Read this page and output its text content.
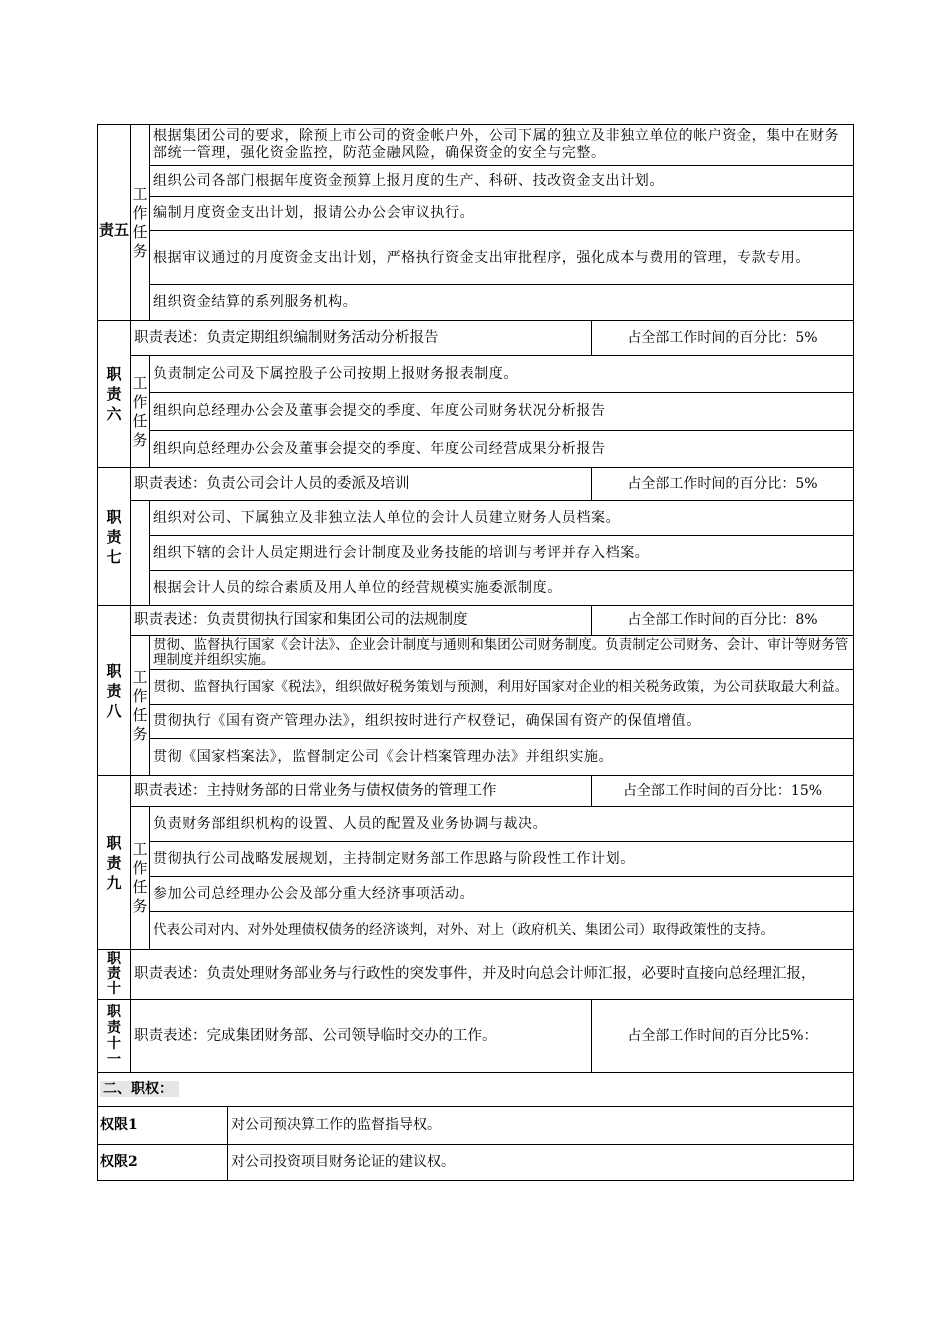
责五	工作任务	根据集团公司的要求，除预上市公司的资金帐户外，公司下属的独立及非独立单位的帐户资金，集中在财务部统一管理，强化资金监控，防范金融风险，确保资金的安全与完整。	
		组织公司各部门根据年度资金预算上报月度的生产、科研、技改资金支出计划。	
		编制月度资金支出计划，报请公办公会审议执行。	
		根据审议通过的月度资金支出计划，严格执行资金支出审批程序，强化成本与费用的管理，专款专用。	
		组织资金结算的系列服务机构。	
职责六	职责表述：负责定期组织编制财务活动分析报告		占全部工作时间的百分比：5%
	工作任务	负责制定公司及下属控股子公司按期上报财务报表制度。	
		组织向总经理办公会及董事会提交的季度、年度公司财务状况分析报告	
		组织向总经理办公会及董事会提交的季度、年度公司经营成果分析报告	
职责七	职责表述：负责公司会计人员的委派及培训		占全部工作时间的百分比：5%
		组织对公司、下属独立及非独立法人单位的会计人员建立财务人员档案。	
		组织下辖的会计人员定期进行会计制度及业务技能的培训与考评并存入档案。	
		根据会计人员的综合素质及用人单位的经营规模实施委派制度。	
职责八	职责表述：负责贯彻执行国家和集团公司的法规制度		占全部工作时间的百分比：8%
	工作任务	贯彻、监督执行国家《会计法》、企业会计制度与通则和集团公司财务制度。负责制定公司财务、会计、审计等财务管理制度并组织实施。	
		贯彻、监督执行国家《税法》，组织做好税务策划与预测，利用好国家对企业的相关税务政策，为公司获取最大利益。	
		贯彻执行《国有资产管理办法》，组织按时进行产权登记，确保国有资产的保值增值。	
		贯彻《国家档案法》，监督制定公司《会计档案管理办法》并组织实施。	
职责九	职责表述：主持财务部的日常业务与债权债务的管理工作		占全部工作时间的百分比：15%
	工作任务	负责财务部组织机构的设置、人员的配置及业务协调与裁决。	
		贯彻执行公司战略发展规划，主持制定财务部工作思路与阶段性工作计划。	
		参加公司总经理办公会及部分重大经济事项活动。	
		代表公司对内、对外处理债权债务的经济谈判，对外、对上（政府机关、集团公司）取得政策性的支持。	
职责十	职责表述：负责处理财务部业务与行政性的突发事件，并及时向总会计师汇报，必要时直接向总经理汇报，		
职责十一	职责表述：完成集团财务部、公司领导临时交办的工作。		占全部工作时间的百分比5%：
二、职权：	
权限1	对公司预决算工作的监督指导权。
权限2	对公司投资项目财务论证的建议权。
